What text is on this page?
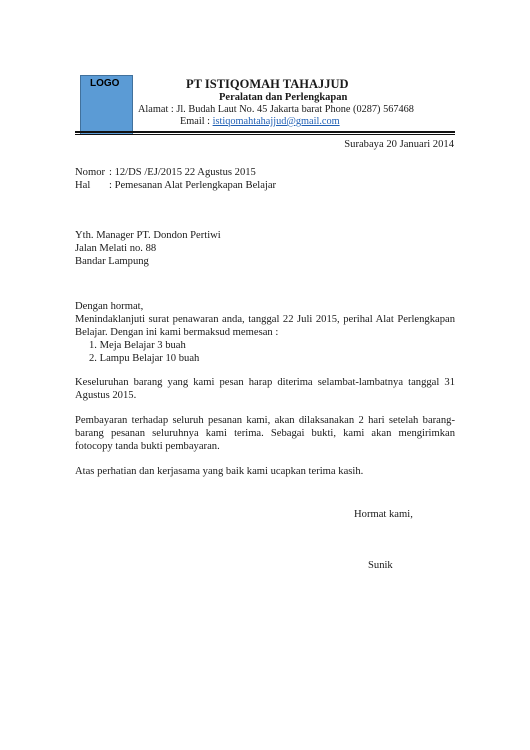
LOGO	PT ISTIQOMAH TAHAJJUD
Peralatan dan Perlengkapan
Alamat : Jl. Budah Laut No. 45 Jakarta barat Phone (0287) 567468
Email : istiqomahtahajjud@gmail.com
Surabaya 20 Januari 2014
Nomor : 12/DS /EJ/2015 22 Agustus 2015
Hal : Pemesanan Alat Perlengkapan Belajar
Yth. Manager PT. Dondon Pertiwi
Jalan Melati no. 88
Bandar Lampung
Dengan hormat,
Menindaklanjuti surat penawaran anda, tanggal 22 Juli 2015, perihal Alat Perlengkapan Belajar. Dengan ini kami bermaksud memesan :
1. Meja Belajar 3 buah
2. Lampu Belajar 10 buah
Keseluruhan barang yang kami pesan harap diterima selambat-lambatnya tanggal 31 Agustus 2015.
Pembayaran terhadap seluruh pesanan kami, akan dilaksanakan 2 hari setelah barang-barang pesanan seluruhnya kami terima. Sebagai bukti, kami akan mengirimkan fotocopy tanda bukti pembayaran.
Atas perhatian dan kerjasama yang baik kami ucapkan terima kasih.
Hormat kami,
Sunik
